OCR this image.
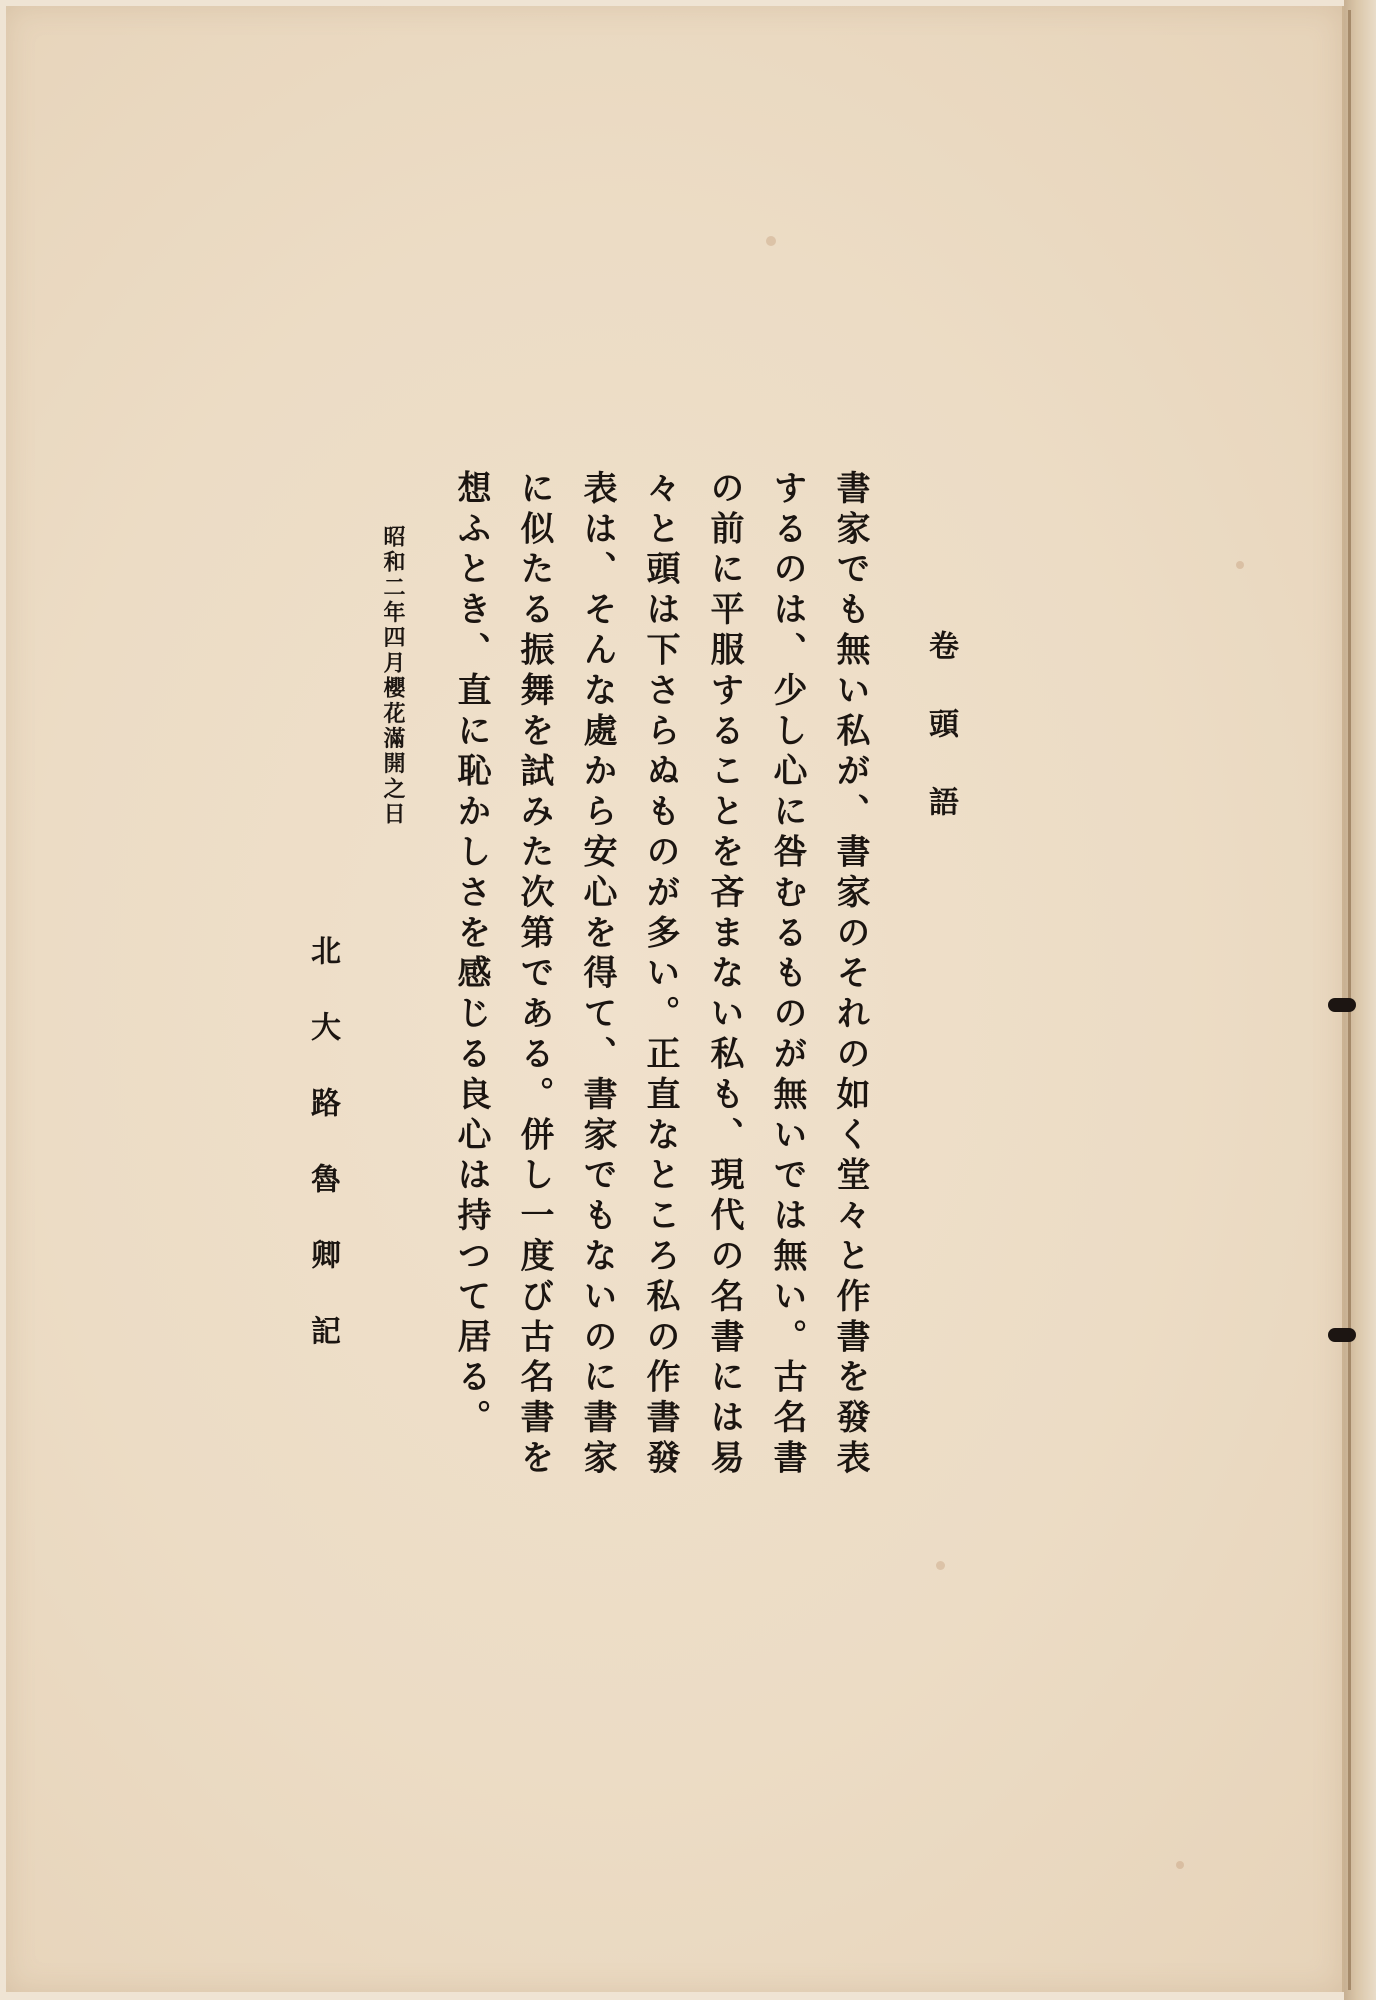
卷頭語

書家でも無い私が、書家のそれの如く堂々と作書を發表

するのは、少し心に咎むるものが無いでは無い。古名書

の前に平服することを吝まない私も、現代の名書には易

々と頭は下さらぬものが多い。正直なところ私の作書發

表は、そんな處から安心を得て、書家でもないのに書家

に似たる振舞を試みた次第である。併し一度び古名書を

想ふとき、直に恥かしさを感じる良心は持つて居る。

昭和二年四月櫻花滿開之日

北大路魯卿記
